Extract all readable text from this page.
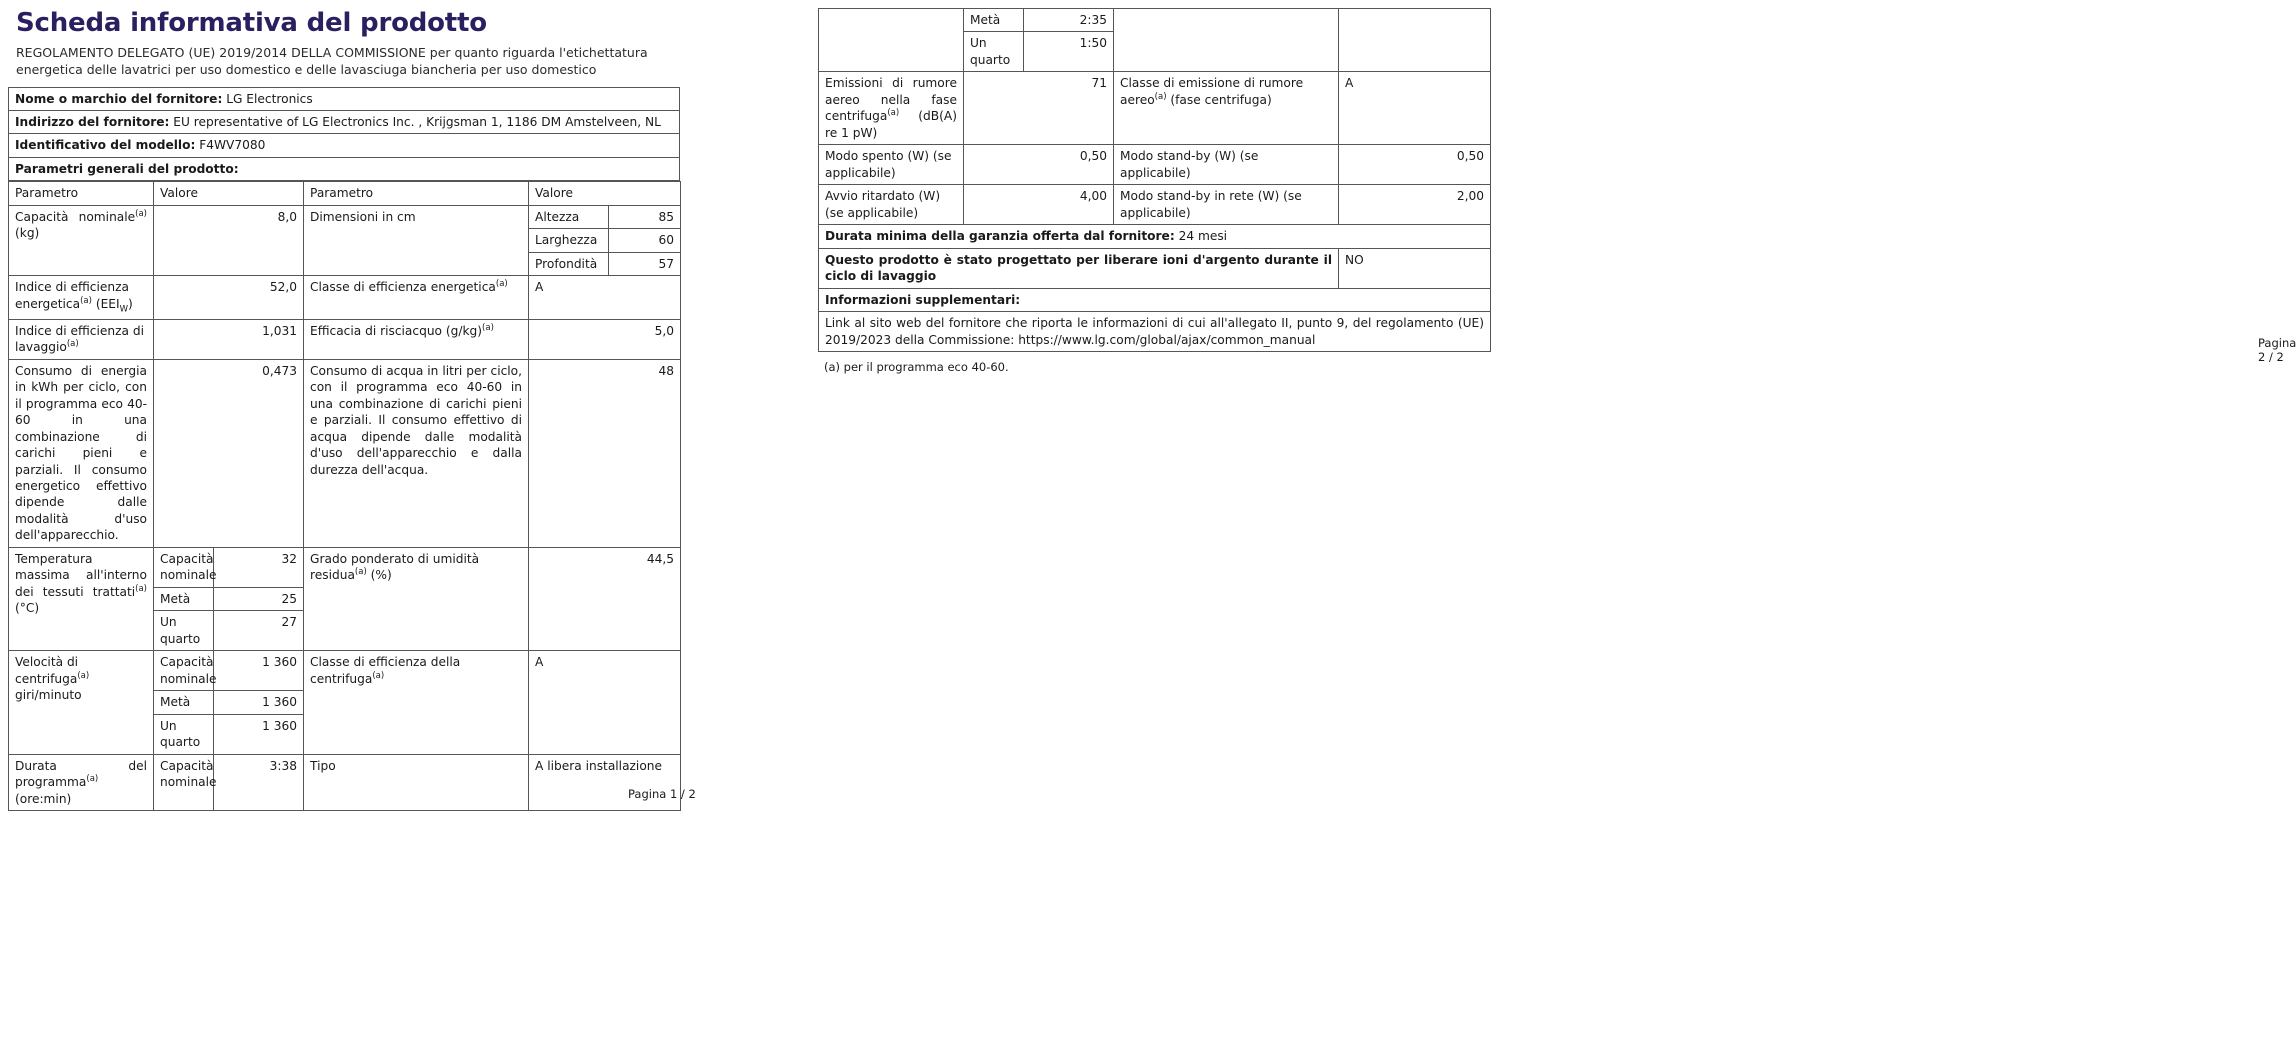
Scheda informativa del prodotto
REGOLAMENTO DELEGATO (UE) 2019/2014 DELLA COMMISSIONE per quanto riguarda l'etichettatura energetica delle lavatrici per uso domestico e delle lavasciuga biancheria per uso domestico
Nome o marchio del fornitore: LG Electronics
Indirizzo del fornitore: EU representative of LG Electronics Inc. , Krijgsman 1, 1186 DM Amstelveen, NL
Identificativo del modello: F4WV7080
Parametri generali del prodotto:
Parametro	Valore		Parametro	Valore	
Capacità nominale$^{(a)}$ (kg)	8,0		Dimensioni in cm	Altezza	85
				Larghezza	60
				Profondità	57
Indice di efficienza energetica$^{(a)}$ $(EEI_W)$	52,0		Classe di efficienza energetica$^{(a)}$	A	
Indice di efficienza di lavaggio$^{(a)}$	1,031		Efficacia di risciacquo $(g/kg)^{(a)}$	5,0	
Consumo di energia in kWh per ciclo, con il programma eco 40-60 in una combinazione di carichi pieni e parziali. Il consumo energetico effettivo dipende dalle modalità d'uso dell'apparecchio.	0,473		Consumo di acqua in litri per ciclo, con il programma eco 40-60 in una combinazione di carichi pieni e parziali. Il consumo effettivo di acqua dipende dalle modalità d'uso dell'apparecchio e dalla durezza dell'acqua.	48	
Temperatura massima all'interno dei tessuti trattati$^{(a)}$ (°C)	Capacità nominale	32	Grado ponderato di umidità residua$^{(a)}$ (%)	44,5	
	Metà	25			
	Un quarto	27			
Velocità di centrifuga$^{(a)}$ giri/minuto	Capacità nominale	1 360	Classe di efficienza della centrifuga$^{(a)}$	A	
	Metà	1 360			
	Un quarto	1 360			
Durata del programma$^{(a)}$ (ore:min)	Capacità nominale	3:38	Tipo	A libera installazione	
Pagina 1 / 2
	Metà	2:35		
	Un quarto	1:50		
Emissioni di rumore aereo nella fase centrifuga$^{(a)}$ (dB(A) re 1 pW)	71		Classe di emissione di rumore aereo$^{(a)}$ (fase centrifuga)	A
Modo spento (W) (se applicabile)	0,50		Modo stand-by (W) (se applicabile)	0,50
Avvio ritardato (W) (se applicabile)	4,00		Modo stand-by in rete (W) (se applicabile)	2,00
Durata minima della garanzia offerta dal fornitore: 24 mesi				
Questo prodotto è stato progettato per liberare ioni d'argento durante il ciclo di lavaggio				NO
Informazioni supplementari:				
Link al sito web del fornitore che riporta le informazioni di cui all'allegato II, punto 9, del regolamento (UE) 2019/2023 della Commissione: https://www.lg.com/global/ajax/common_manual				
(a) per il programma eco 40-60.
Pagina 2 / 2
